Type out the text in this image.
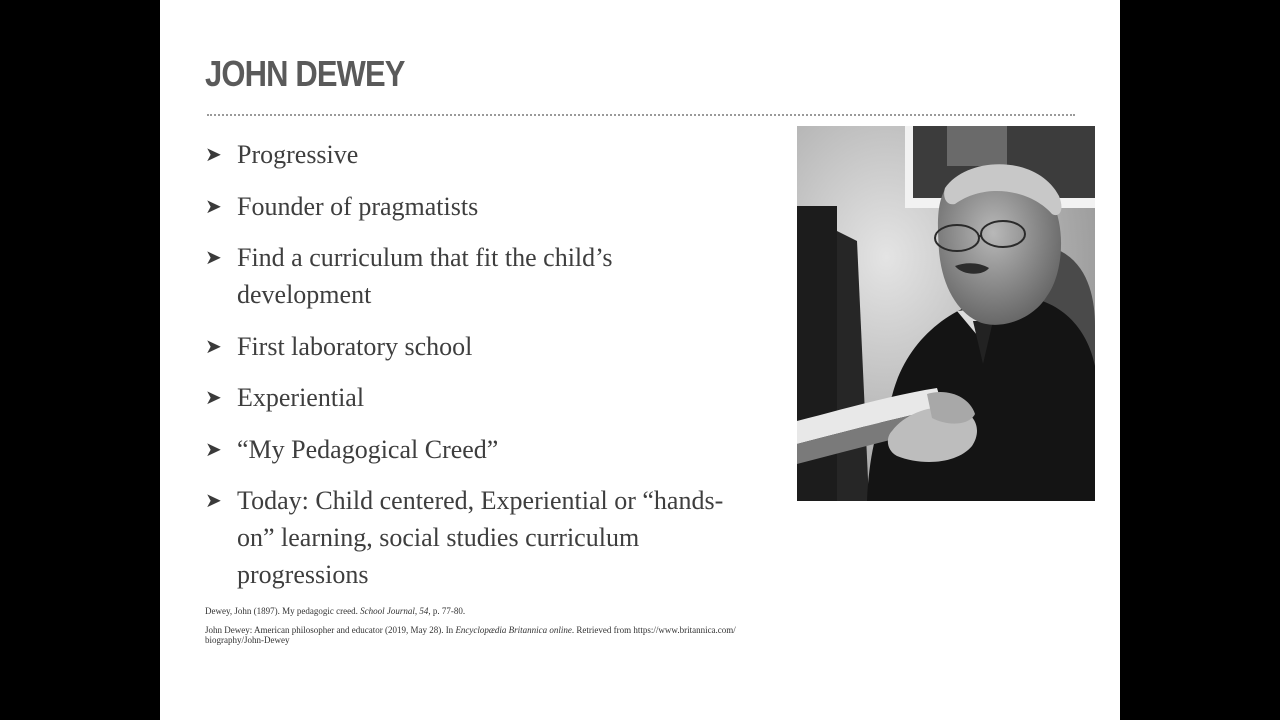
JOHN DEWEY
➤ Progressive
➤ Founder of pragmatists
➤ Find a curriculum that fit the child’s development
➤ First laboratory school
➤ Experiential
➤ “My Pedagogical Creed”
➤ Today: Child centered, Experiential or “hands-on” learning, social studies curriculum progressions

Dewey, John (1897). My pedagogic creed. School Journal, 54, p. 77-80.

John Dewey: American philosopher and educator (2019, May 28). In Encyclopædia Britannica online. Retrieved from https://www.britannica.com/ biography/John-Dewey
